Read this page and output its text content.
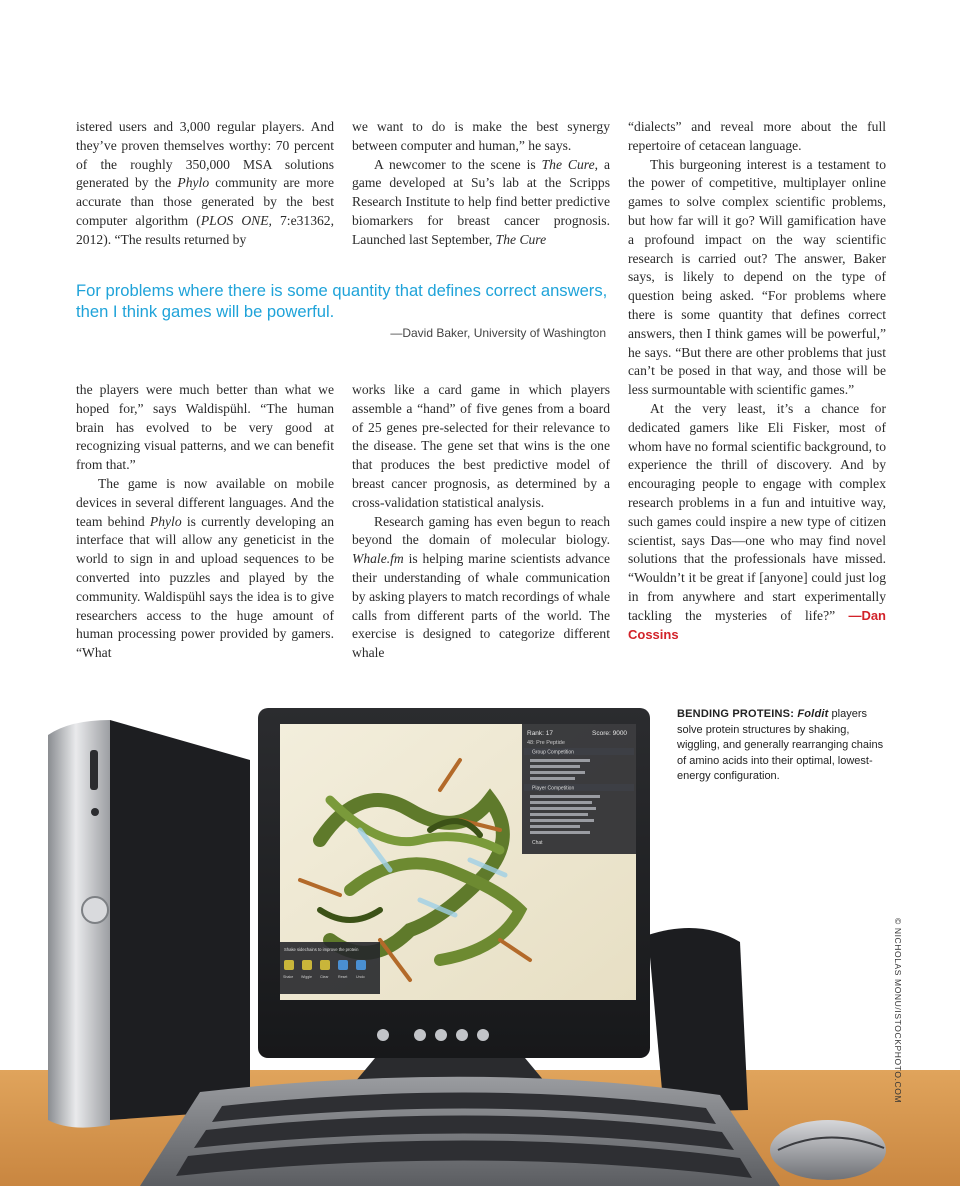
istered users and 3,000 regular players. And they’ve proven themselves worthy: 70 percent of the roughly 350,000 MSA solutions generated by the Phylo community are more accurate than those generated by the best computer algorithm (PLOS ONE, 7:e31362, 2012). “The results returned by

we want to do is make the best synergy between computer and human,” he says.

A newcomer to the scene is The Cure, a game developed at Su’s lab at the Scripps Research Institute to help find better predictive biomarkers for breast cancer prognosis. Launched last September, The Cure

For problems where there is some quantity that defines correct answers, then I think games will be powerful.
—David Baker, University of Washington

the players were much better than what we hoped for,” says Waldispühl. “The human brain has evolved to be very good at recognizing visual patterns, and we can benefit from that.”

The game is now available on mobile devices in several different languages. And the team behind Phylo is currently developing an interface that will allow any geneticist in the world to sign in and upload sequences to be converted into puzzles and played by the community. Waldispühl says the idea is to give researchers access to the huge amount of human processing power provided by gamers. “What

works like a card game in which players assemble a “hand” of five genes from a board of 25 genes pre-selected for their relevance to the disease. The gene set that wins is the one that produces the best predictive model of breast cancer prognosis, as determined by a cross-validation statistical analysis.

Research gaming has even begun to reach beyond the domain of molecular biology. Whale.fm is helping marine scientists advance their understanding of whale communication by asking players to match recordings of whale calls from different parts of the world. The exercise is designed to categorize different whale

“dialects” and reveal more about the full repertoire of cetacean language.

This burgeoning interest is a testament to the power of competitive, multiplayer online games to solve complex scientific problems, but how far will it go? Will gamification have a profound impact on the way scientific research is carried out? The answer, Baker says, is likely to depend on the type of question being asked. “For problems where there is some quantity that defines correct answers, then I think games will be powerful,” he says. “But there are other problems that just can’t be posed in that way, and those will be less surmountable with scientific games.”

At the very least, it’s a chance for dedicated gamers like Eli Fisker, most of whom have no formal scientific background, to experience the thrill of discovery. And by encouraging people to engage with complex research problems in a fun and intuitive way, such games could inspire a new type of citizen scientist, says Das—one who may find novel solutions that the professionals have missed. “Wouldn’t it be great if [anyone] could just log in from anywhere and start experimentally tackling the mysteries of life?” —Dan Cossins

Rank: 17	Score: 9000
48: Pre Peptide
Group Competition
Player Competition
Chat
Shake sidechains to improve the protein
Shake Wiggle Clear	Reset Undo
BENDING PROTEINS: Foldit players solve protein structures by shaking, wiggling, and generally rearranging chains of amino acids into their optimal, lowest-energy configuration.
© NICHOLAS MONU/ISTOCKPHOTO.COM
